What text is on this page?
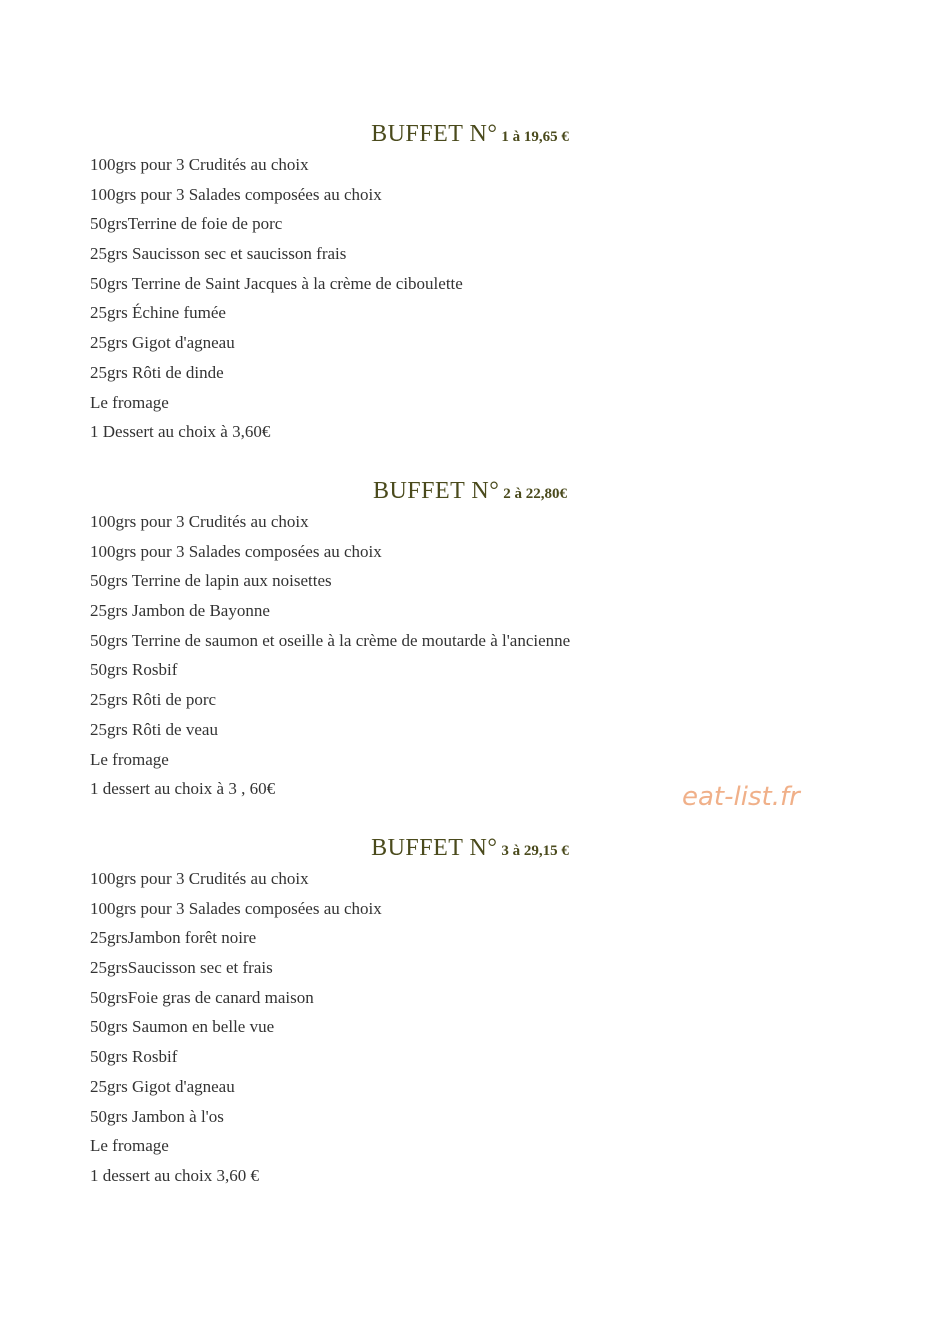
BUFFET N° 1 à 19,65 €
100grs pour 3 Crudités au choix
100grs pour 3 Salades composées au choix
50grsTerrine de foie de porc
25grs Saucisson sec et saucisson frais
50grs Terrine de Saint Jacques à la crème de ciboulette
25grs Échine fumée
25grs Gigot d'agneau
25grs Rôti de dinde
Le fromage
1 Dessert au choix à 3,60€
BUFFET N° 2 à 22,80€
100grs pour 3 Crudités au choix
100grs pour 3 Salades composées au choix
50grs Terrine de lapin aux noisettes
25grs Jambon de Bayonne
50grs Terrine de saumon et oseille à la crème de moutarde à l'ancienne
50grs Rosbif
25grs Rôti de porc
25grs Rôti de veau
Le fromage
1 dessert au choix à 3 , 60€
BUFFET N° 3 à 29,15 €
100grs pour 3 Crudités au choix
100grs pour 3 Salades composées au choix
25grsJambon forêt noire
25grsSaucisson sec et frais
50grsFoie gras de canard maison
50grs Saumon en belle vue
50grs Rosbif
25grs Gigot d'agneau
50grs Jambon à l'os
Le fromage
1 dessert au choix 3,60 €
eat-list.fr
